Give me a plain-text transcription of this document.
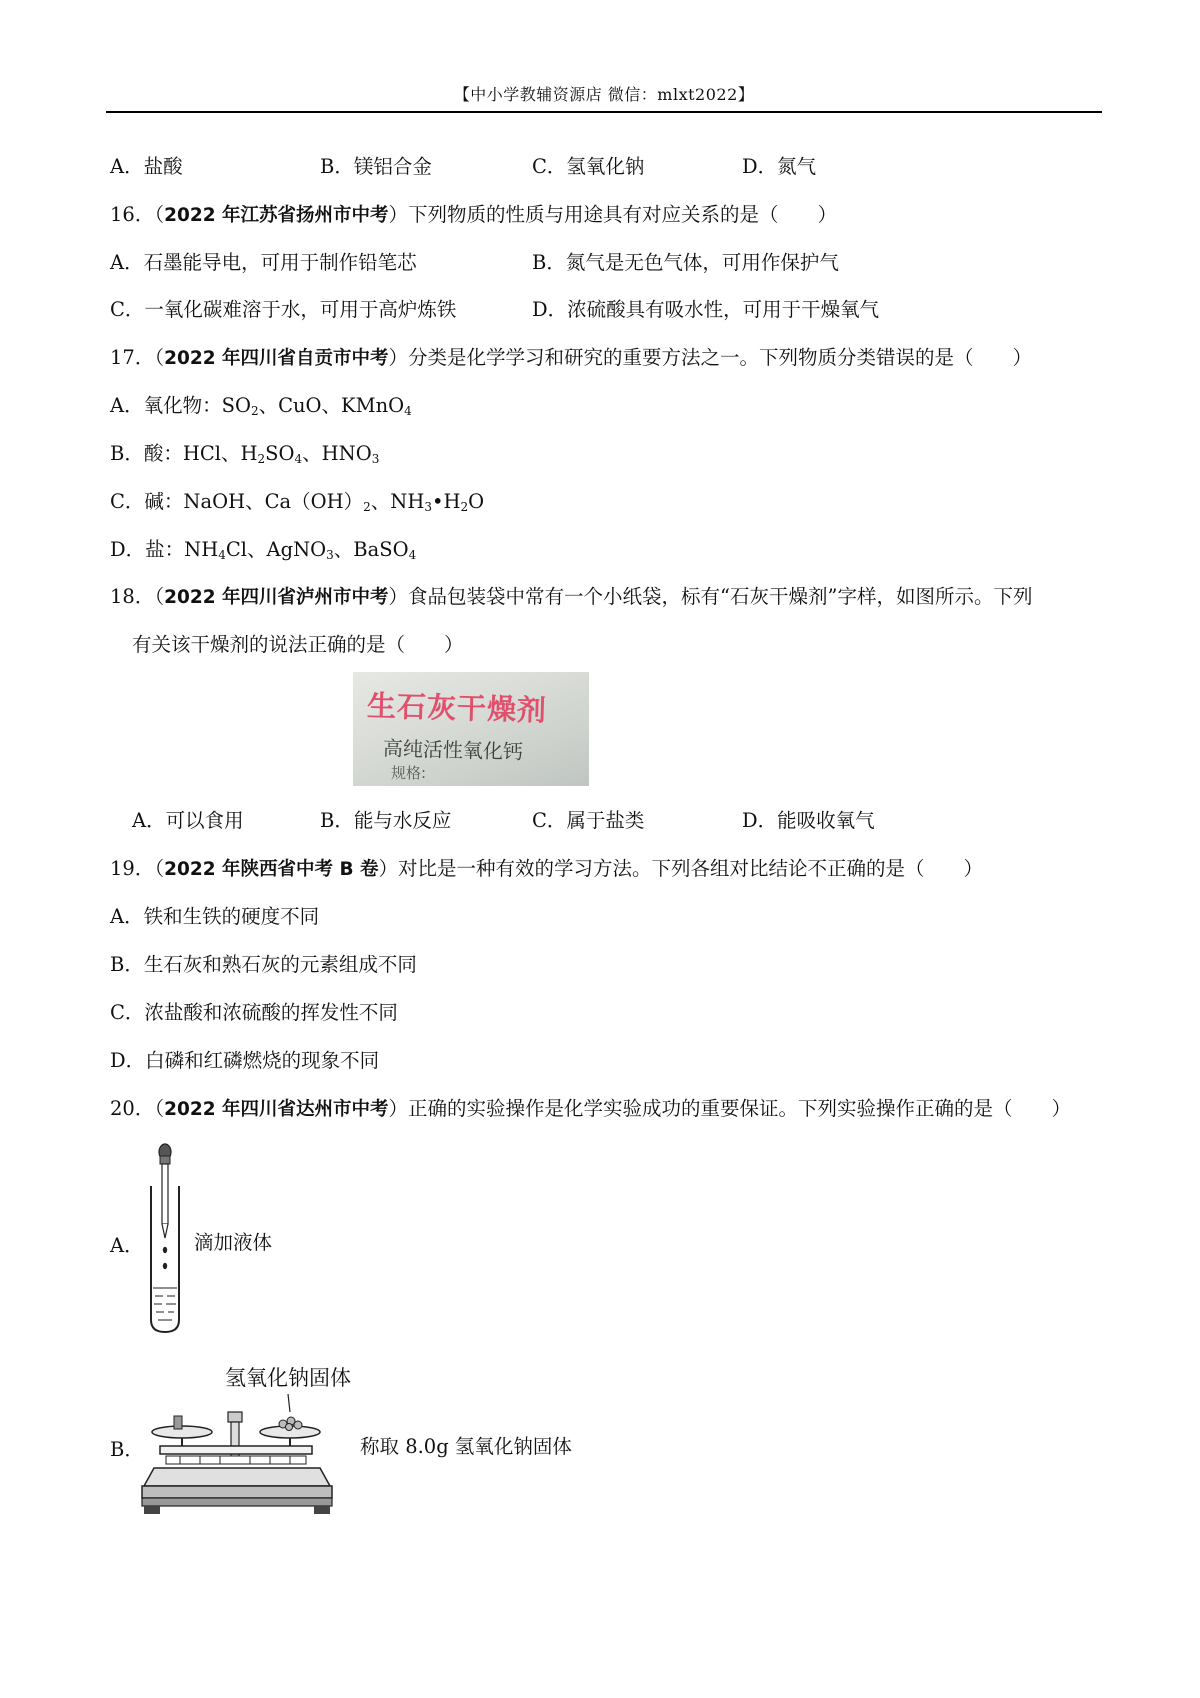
【中小学教辅资源店 微信：mlxt2022】
A．盐酸	B．镁铝合金	C．氢氧化钠	D．氮气
16．（2022 年江苏省扬州市中考）下列物质的性质与用途具有对应关系的是（　　）
A．石墨能导电，可用于制作铅笔芯	B．氮气是无色气体，可用作保护气
C．一氧化碳难溶于水，可用于高炉炼铁	D．浓硫酸具有吸水性，可用于干燥氧气
17．（2022 年四川省自贡市中考）分类是化学学习和研究的重要方法之一。下列物质分类错误的是（　　）
A．氧化物：$SO_2$、CuO、KMnO$_4$
B．酸：HCl、$H_2SO_4$、$HNO_3$
C．碱：NaOH、$Ca(OH)_2$、$NH_3•H_2O$
D．盐：$NH_4Cl$、AgNO$_3$、BaSO$_4$
18．（2022 年四川省泸州市中考）食品包装袋中常有一个小纸袋，标有“石灰干燥剂”字样，如图所示。下列
有关该干燥剂的说法正确的是（　　）
生石灰干燥剂
高纯活性氧化钙
规格:
A．可以食用	B．能与水反应	C．属于盐类	D．能吸收氧气
19．（2022 年陕西省中考 B 卷）对比是一种有效的学习方法。下列各组对比结论不正确的是（　　）
A．铁和生铁的硬度不同
B．生石灰和熟石灰的元素组成不同
C．浓盐酸和浓硫酸的挥发性不同
D．白磷和红磷燃烧的现象不同
20．（2022 年四川省达州市中考）正确的实验操作是化学实验成功的重要保证。下列实验操作正确的是（　　）
A．	滴加液体
B．
氢氧化钠固体
称取 8.0g 氢氧化钠固体
